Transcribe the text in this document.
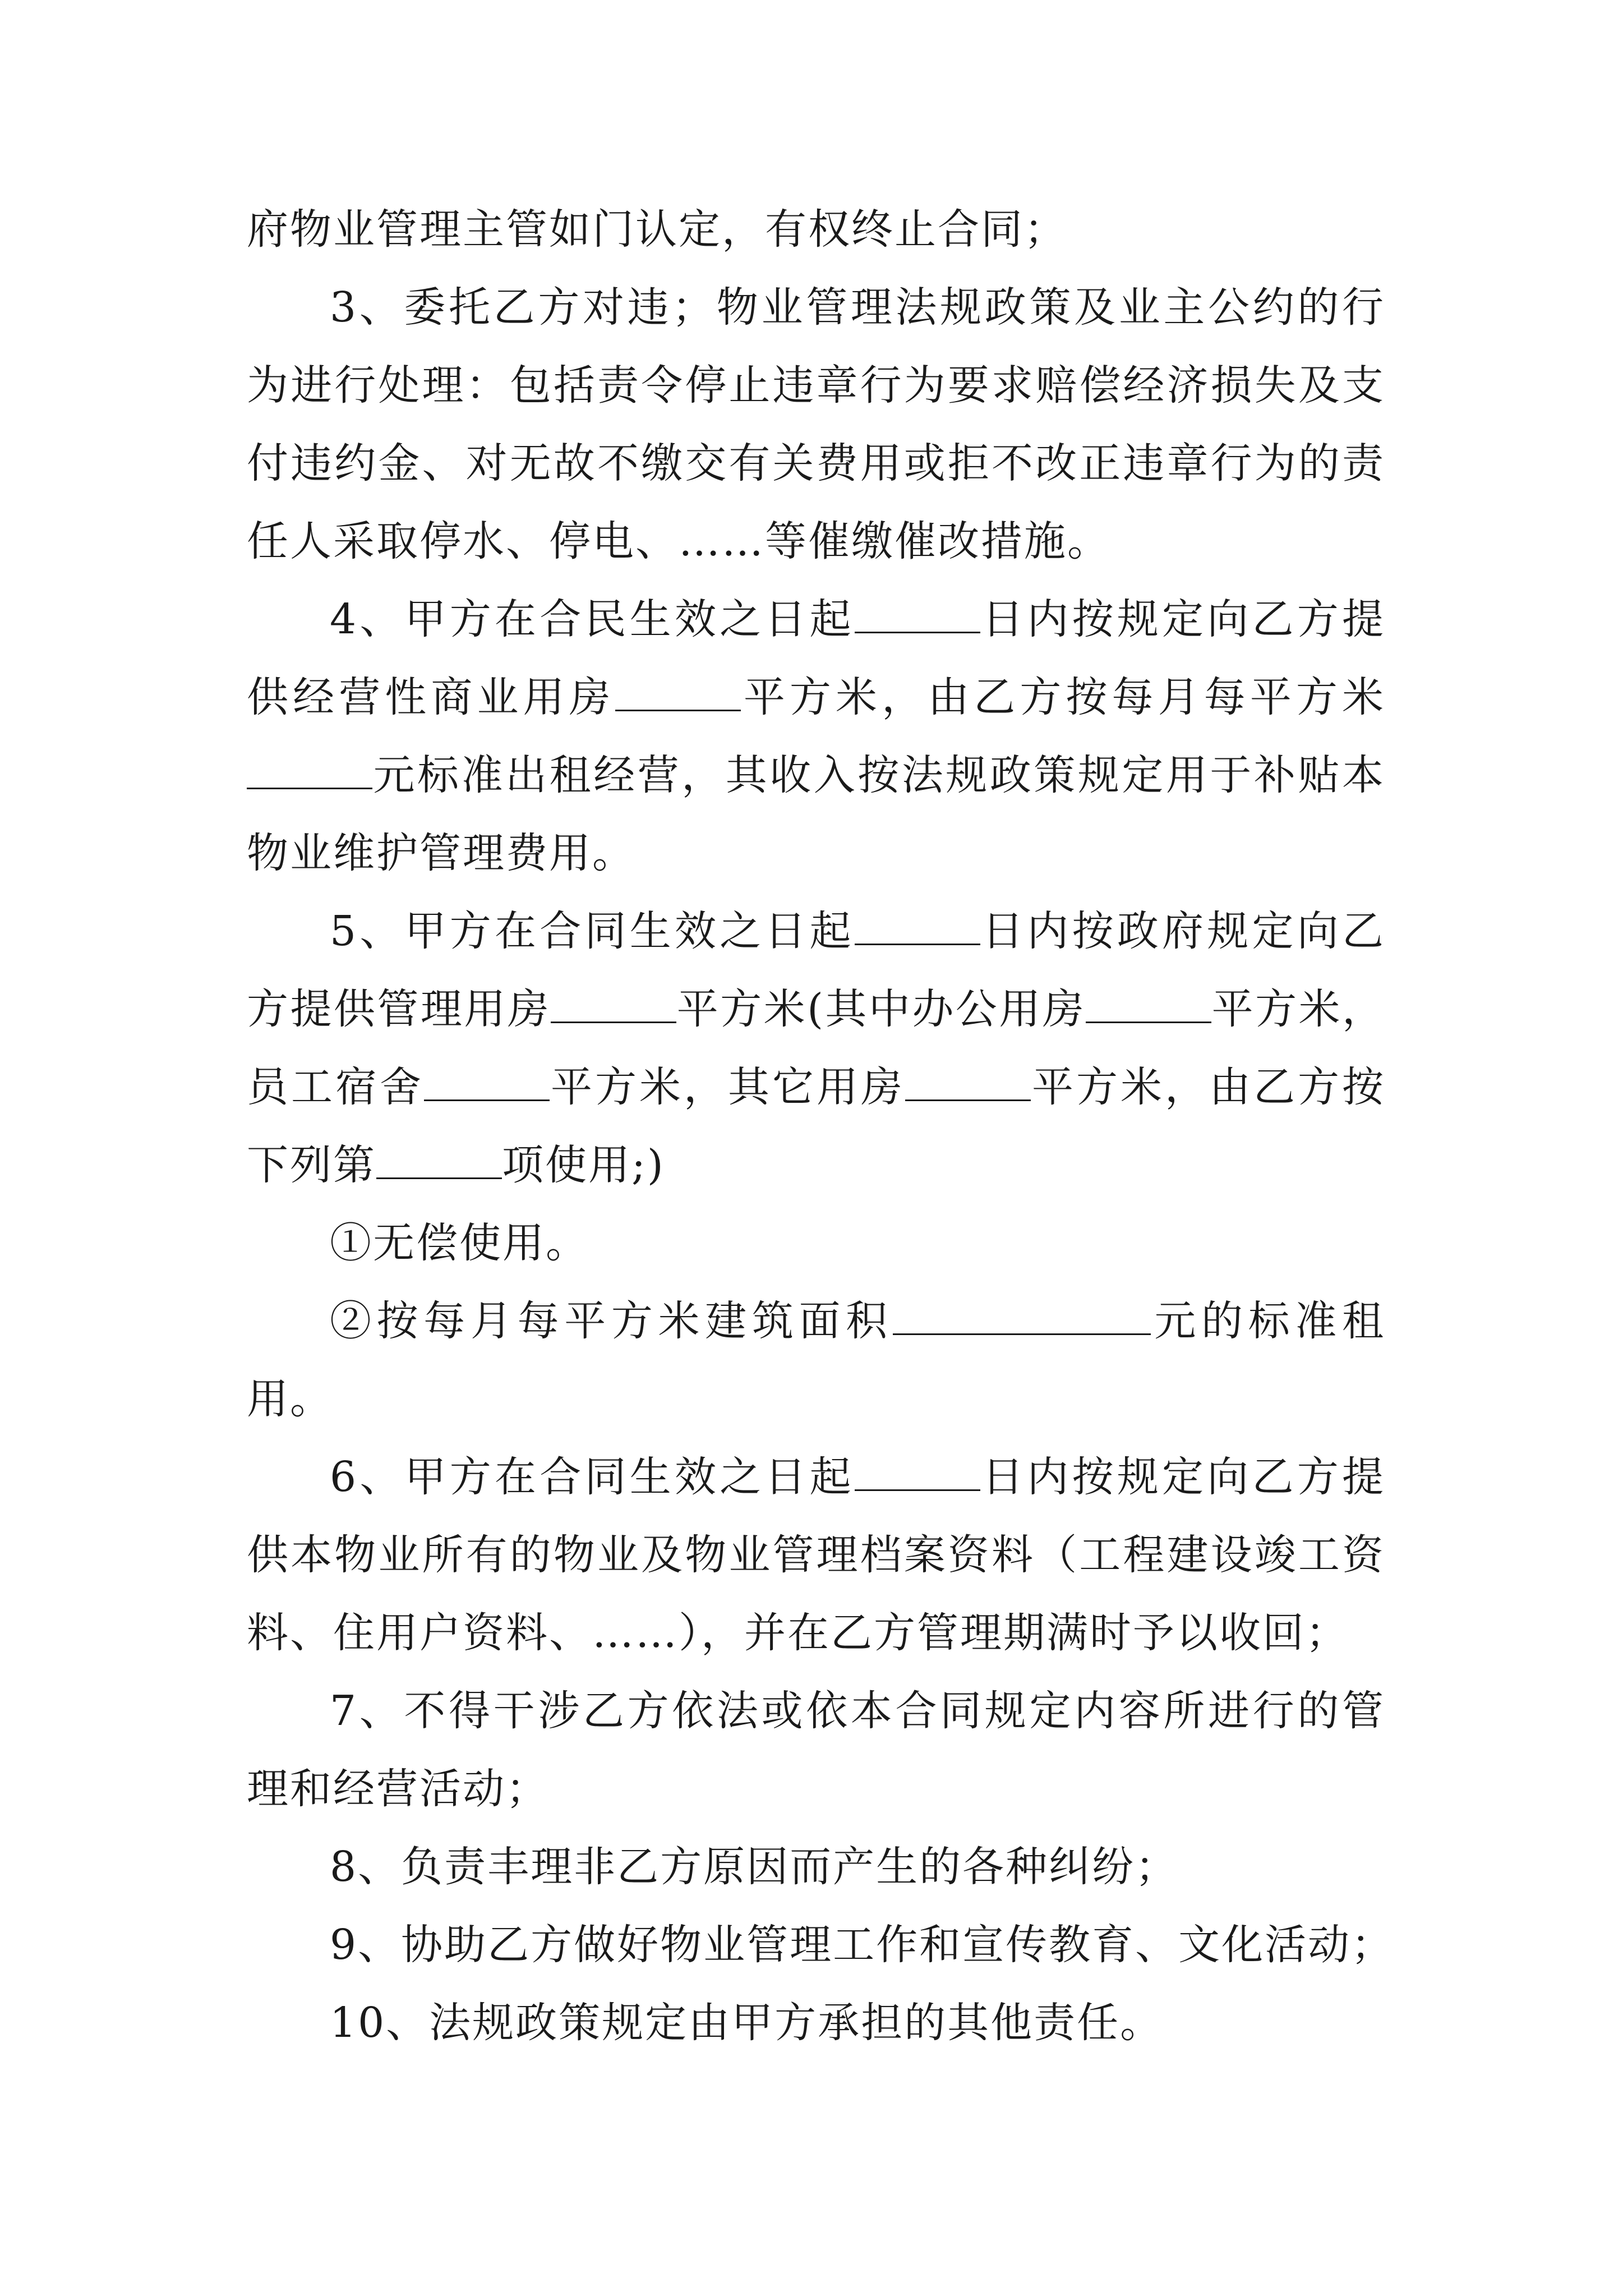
府物业管理主管如门认定，有权终止合同；
3、委托乙方对违；物业管理法规政策及业主公约的行
为进行处理：包括责令停止违章行为要求赔偿经济损失及支
付违约金、对无故不缴交有关费用或拒不改正违章行为的责
任人采取停水、停电、……等催缴催改措施。
4、甲方在合民生效之日起	日内按规定向乙方提
供经营性商业用房	平方米，由乙方按每月每平方米
元标准出租经营，其收入按法规政策规定用于补贴本
物业维护管理费用。
5、甲方在合同生效之日起	日内按政府规定向乙
方提供管理用房	平方米(其中办公用房	平方米，
员工宿舍	平方米，其它用房	平方米，由乙方按
下列第	项使用;)
①无偿使用。
②按每月每平方米建筑面积	元的标准租
用。
6、甲方在合同生效之日起	日内按规定向乙方提
供本物业所有的物业及物业管理档案资料（工程建设竣工资
料、住用户资料、……），并在乙方管理期满时予以收回；
7、不得干涉乙方依法或依本合同规定内容所进行的管
理和经营活动；
8、负责丰理非乙方原因而产生的各种纠纷；
9、协助乙方做好物业管理工作和宣传教育、文化活动；
10、法规政策规定由甲方承担的其他责任。
